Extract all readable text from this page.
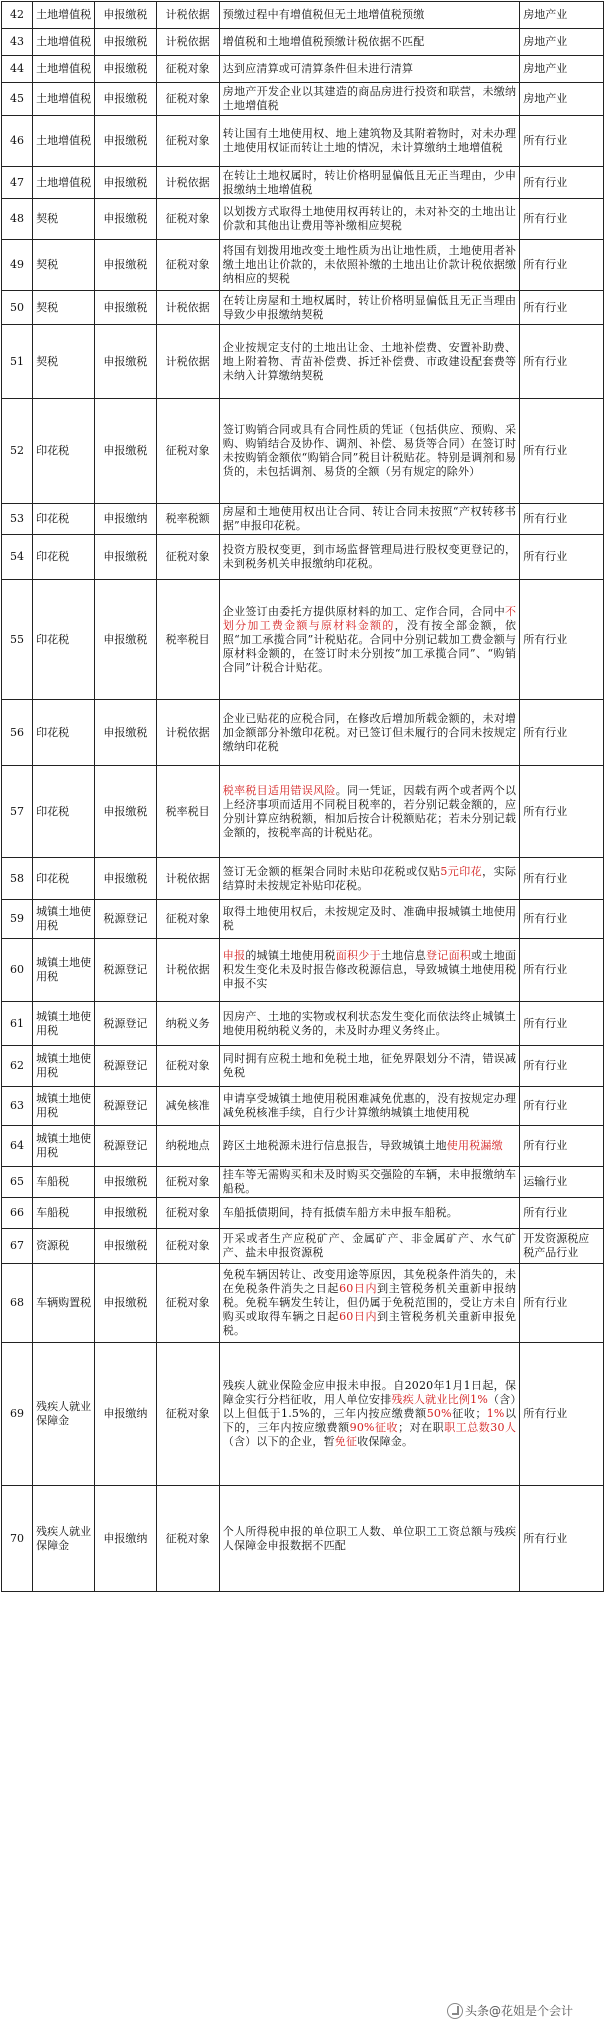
42	土地增值税	申报缴税	计税依据	预缴过程中有增值税但无土地增值税预缴	房地产业
43	土地增值税	申报缴税	计税依据	增值税和土地增值税预缴计税依据不匹配	房地产业
44	土地增值税	申报缴税	征税对象	达到应清算或可清算条件但未进行清算	房地产业
45	土地增值税	申报缴税	征税对象	房地产开发企业以其建造的商品房进行投资和联营，未缴纳土地增值税	房地产业
46	土地增值税	申报缴税	征税对象	转让国有土地使用权、地上建筑物及其附着物时，对未办理土地使用权证而转让土地的情况，未计算缴纳土地增值税	所有行业
47	土地增值税	申报缴税	计税依据	在转让土地权属时，转让价格明显偏低且无正当理由，少申报缴纳土地增值税	所有行业
48	契税	申报缴税	征税对象	以划拨方式取得土地使用权再转让的，未对补交的土地出让价款和其他出让费用等补缴相应契税	所有行业
49	契税	申报缴税	征税对象	将国有划拨用地改变土地性质为出让地性质，土地使用者补缴土地出让价款的，未依照补缴的土地出让价款计税依据缴纳相应的契税	所有行业
50	契税	申报缴税	计税依据	在转让房屋和土地权属时，转让价格明显偏低且无正当理由导致少申报缴纳契税	所有行业
51	契税	申报缴税	计税依据	企业按规定支付的土地出让金、土地补偿费、安置补助费、地上附着物、青苗补偿费、拆迁补偿费、市政建设配套费等未纳入计算缴纳契税	所有行业
52	印花税	申报缴税	征税对象	签订购销合同或具有合同性质的凭证（包括供应、预购、采购、购销结合及协作、调剂、补偿、易货等合同）在签订时未按购销金额依“购销合同”税目计税贴花。特别是调剂和易货的，未包括调剂、易货的全额（另有规定的除外）	所有行业
53	印花税	申报缴纳	税率税额	房屋和土地使用权出让合同、转让合同未按照“产权转移书据”申报印花税。	所有行业
54	印花税	申报缴税	征税对象	投资方股权变更，到市场监督管理局进行股权变更登记的，未到税务机关申报缴纳印花税。	所有行业
55	印花税	申报缴税	税率税目	企业签订由委托方提供原材料的加工、定作合同，合同中不划分加工费金额与原材料金额的，没有按全部金额，依照“加工承揽合同”计税贴花。合同中分别记载加工费金额与原材料金额的，在签订时未分别按“加工承揽合同”、“购销合同”计税合计贴花。	所有行业
56	印花税	申报缴税	计税依据	企业已贴花的应税合同，在修改后增加所载金额的，未对增加金额部分补缴印花税。对已签订但未履行的合同未按规定缴纳印花税	所有行业
57	印花税	申报缴税	税率税目	税率税目适用错误风险。同一凭证，因载有两个或者两个以上经济事项而适用不同税目税率的，若分别记载金额的，应分别计算应纳税额，相加后按合计税额贴花；若未分别记载金额的，按税率高的计税贴花。	所有行业
58	印花税	申报缴税	计税依据	签订无金额的框架合同时未贴印花税或仅贴5元印花，实际结算时未按规定补贴印花税。	所有行业
59	城镇土地使用税	税源登记	征税对象	取得土地使用权后，未按规定及时、准确申报城镇土地使用税	所有行业
60	城镇土地使用税	税源登记	计税依据	申报的城镇土地使用税面积少于土地信息登记面积或土地面积发生变化未及时报告修改税源信息，导致城镇土地使用税申报不实	所有行业
61	城镇土地使用税	税源登记	纳税义务	因房产、土地的实物或权利状态发生变化而依法终止城镇土地使用税纳税义务的，未及时办理义务终止。	所有行业
62	城镇土地使用税	税源登记	征税对象	同时拥有应税土地和免税土地，征免界限划分不清，错误减免税	所有行业
63	城镇土地使用税	税源登记	减免核准	申请享受城镇土地使用税困难减免优惠的，没有按规定办理减免税核准手续，自行少计算缴纳城镇土地使用税	所有行业
64	城镇土地使用税	税源登记	纳税地点	跨区土地税源未进行信息报告，导致城镇土地使用税漏缴	所有行业
65	车船税	申报缴税	征税对象	挂车等无需购买和未及时购买交强险的车辆，未申报缴纳车船税。	运输行业
66	车船税	申报缴税	征税对象	车船抵债期间，持有抵债车船方未申报车船税。	所有行业
67	资源税	申报缴税	征税对象	开采或者生产应税矿产、金属矿产、非金属矿产、水气矿产、盐未申报资源税	开发资源税应税产品行业
68	车辆购置税	申报缴税	征税对象	免税车辆因转让、改变用途等原因，其免税条件消失的，未在免税条件消失之日起60日内到主管税务机关重新申报纳税。免税车辆发生转让，但仍属于免税范围的，受让方未自购买或取得车辆之日起60日内到主管税务机关重新申报免税。	所有行业
69	残疾人就业保障金	申报缴纳	征税对象	残疾人就业保险金应申报未申报。自2020年1月1日起，保障金实行分档征收，用人单位安排残疾人就业比例1%（含）以上但低于1.5%的，三年内按应缴费额50%征收；1%以下的，三年内按应缴费额90%征收；对在职职工总数30人（含）以下的企业，暂免征收保障金。	所有行业
70	残疾人就业保障金	申报缴纳	征税对象	个人所得税申报的单位职工人数、单位职工工资总额与残疾人保障金申报数据不匹配	所有行业
头条@花姐是个会计
